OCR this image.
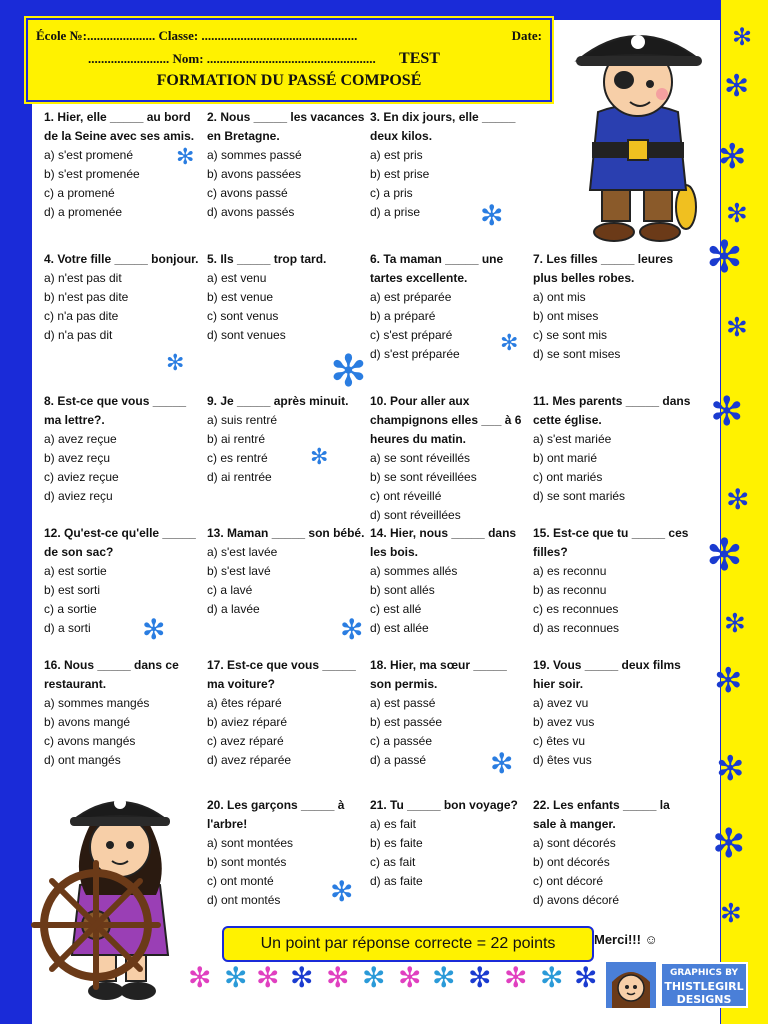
École №:..................... Classe: ................................................	Date:
......................... Nom: .................................................... TEST
FORMATION DU PASSÉ COMPOSÉ
1. Hier, elle _____ au bord de la Seine avec ses amis.
a) s'est promené
b) s'est promenée
c) a promené
d) a promenée
2. Nous _____ les vacances en Bretagne.
a) sommes passé
b) avons passées
c) avons passé
d) avons passés
3. En dix jours, elle _____ deux kilos.
a) est pris
b) est prise
c) a pris
d) a prise
4. Votre fille _____ bonjour.
a) n'est pas dit
b) n'est pas dite
c) n'a pas dite
d) n'a pas dit
5. Ils _____ trop tard.
a) est venu
b) est venue
c) sont venus
d) sont venues
6. Ta maman _____ une tartes excellente.
a) est préparée
b) a préparé
c) s'est préparé
d) s'est préparée
7. Les filles _____ leures plus belles robes.
a) ont mis
b) ont mises
c) se sont mis
d) se sont mises
8. Est-ce que vous _____ ma lettre?.
a) avez reçue
b) avez reçu
c) aviez reçue
d) aviez reçu
9. Je _____ après minuit.
a) suis rentré
b) ai rentré
c) es rentré
d) ai rentrée
10. Pour aller aux champignons elles ___ à 6 heures du matin.
a) se sont réveillés
b) se sont réveillées
c) ont réveillé
d) sont réveillées
11. Mes parents _____ dans cette église.
a) s'est mariée
b) ont marié
c) ont mariés
d) se sont mariés
12. Qu'est-ce qu'elle _____ de son sac?
a) est sortie
b) est sorti
c) a sortie
d) a sorti
13. Maman _____ son bébé.
a) s'est lavée
b) s'est lavé
c) a lavé
d) a lavée
14. Hier, nous _____ dans les bois.
a) sommes allés
b) sont allés
c) est allé
d) est allée
15. Est-ce que tu _____ ces filles?
a) es reconnu
b) as reconnu
c) es reconnues
d) as reconnues
16. Nous _____ dans ce restaurant.
a) sommes mangés
b) avons mangé
c) avons mangés
d) ont mangés
17. Est-ce que vous _____ ma voiture?
a) êtes réparé
b) aviez réparé
c) avez réparé
d) avez réparée
18. Hier, ma sœur _____ son permis.
a) est passé
b) est passée
c) a passée
d) a passé
19. Vous _____ deux films hier soir.
a) avez vu
b) avez vus
c) êtes vu
d) êtes vus
20. Les garçons _____ à l'arbre!
a) sont montées
b) sont montés
c) ont monté
d) ont montés
21. Tu _____ bon voyage?
a) es fait
b) es faite
c) as fait
d) as faite
22. Les enfants _____ la sale à manger.
a) sont décorés
b) ont décorés
c) ont décoré
d) avons décoré
✻
✻
✻	✻
✻
✻
✻	✻
✻
✻
✻
✻
✻
✻
✻
✻
✻
✻
✻
✻
✻
✻
✻
✻
✻ ✻ ✻ ✻ ✻ ✻ ✻ ✻ ✻ ✻ ✻ ✻
Un point par réponse correcte = 22 points	Merci!!! ☺
GRAPHICS BY
THISTLEGIRL
DESIGNS
